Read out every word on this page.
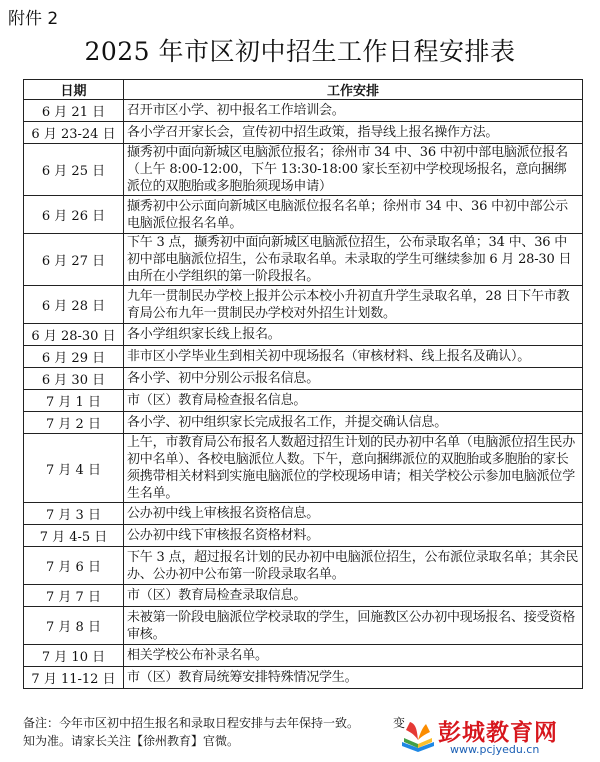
附件 2
2025 年市区初中招生工作日程安排表
日期	工作安排
6 月 21 日	召开市区小学、初中报名工作培训会。
6 月 23-24 日	各小学召开家长会，宣传初中招生政策，指导线上报名操作方法。
6 月 25 日	撷秀初中面向新城区电脑派位报名；徐州市 34 中、36 中初中部电脑派位报名（上午 8:00-12:00，下午 13:30-18:00 家长至初中学校现场报名，意向捆绑派位的双胞胎或多胞胎须现场申请）
6 月 26 日	撷秀初中公示面向新城区电脑派位报名名单；徐州市 34 中、36 中初中部公示电脑派位报名名单。
6 月 27 日	下午 3 点，撷秀初中面向新城区电脑派位招生，公布录取名单；34 中、36 中初中部电脑派位招生，公布录取名单。未录取的学生可继续参加 6 月 28-30 日由所在小学组织的第一阶段报名。
6 月 28 日	九年一贯制民办学校上报并公示本校小升初直升学生录取名单，28 日下午市教育局公布九年一贯制民办学校对外招生计划数。
6 月 28-30 日	各小学组织家长线上报名。
6 月 29 日	非市区小学毕业生到相关初中现场报名（审核材料、线上报名及确认）。
6 月 30 日	各小学、初中分别公示报名信息。
7 月 1 日	市（区）教育局检查报名信息。
7 月 2 日	各小学、初中组织家长完成报名工作，并提交确认信息。
7 月 4 日	上午，市教育局公布报名人数超过招生计划的民办初中名单（电脑派位招生民办初中名单）、各校电脑派位人数。下午，意向捆绑派位的双胞胎或多胞胎的家长须携带相关材料到实施电脑派位的学校现场申请；相关学校公示参加电脑派位学生名单。
7 月 3 日	公办初中线上审核报名资格信息。
7 月 4-5 日	公办初中线下审核报名资格材料。
7 月 6 日	下午 3 点，超过报名计划的民办初中电脑派位招生，公布派位录取名单；其余民办、公办初中公布第一阶段录取名单。
7 月 7 日	市（区）教育局检查录取信息。
7 月 8 日	未被第一阶段电脑派位学校录取的学生，回施教区公办初中现场报名、接受资格审核。
7 月 10 日	相关学校公布补录名单。
7 月 11-12 日	市（区）教育局统筹安排特殊情况学生。
备注：今年市区初中招生报名和录取日程安排与去年保持一致。	变
知为准。请家长关注【徐州教育】官微。	彭城教育网
www.pcjyedu.cn
